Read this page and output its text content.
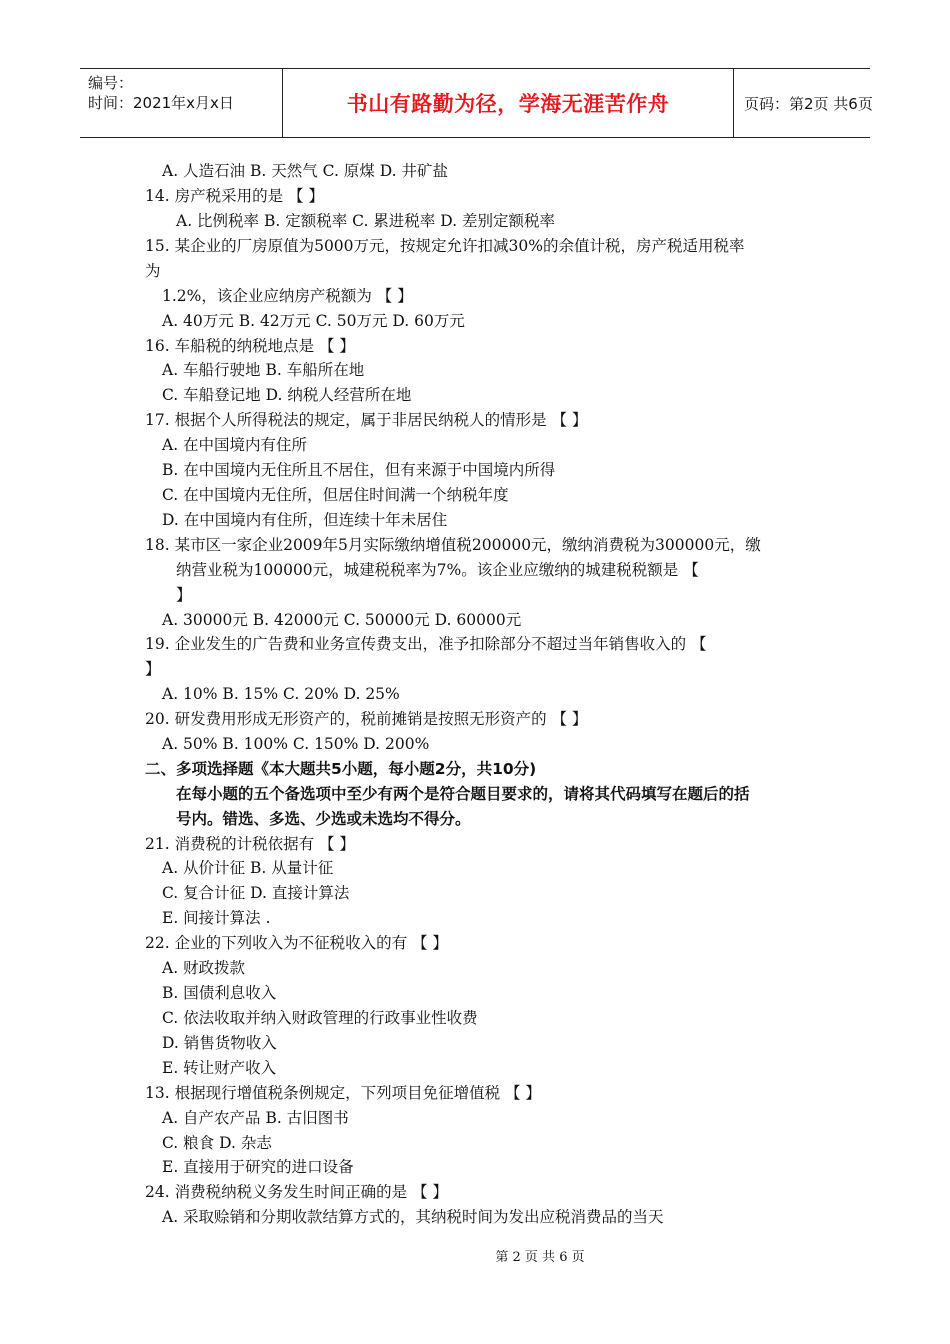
编号：
时间：2021年x月x日	书山有路勤为径，学海无涯苦作舟	页码：第2页 共6页
A. 人造石油 B. 天然气 C. 原煤 D. 井矿盐
14. 房产税采用的是 【 】
A. 比例税率 B. 定额税率 C. 累进税率 D. 差别定额税率
15. 某企业的厂房原值为5000万元，按规定允许扣减30%的余值计税，房产税适用税率
为
1.2%，该企业应纳房产税额为 【 】
A. 40万元 B. 42万元 C. 50万元 D. 60万元
16. 车船税的纳税地点是 【 】
A. 车船行驶地 B. 车船所在地
C. 车船登记地 D. 纳税人经营所在地
17. 根据个人所得税法的规定，属于非居民纳税人的情形是 【 】
A. 在中国境内有住所
B. 在中国境内无住所且不居住，但有来源于中国境内所得
C. 在中国境内无住所，但居住时间满一个纳税年度
D. 在中国境内有住所，但连续十年未居住
18. 某市区一家企业2009年5月实际缴纳增值税200000元，缴纳消费税为300000元，缴
纳营业税为100000元，城建税税率为7%。该企业应缴纳的城建税税额是 【
】
A. 30000元 B. 42000元 C. 50000元 D. 60000元
19. 企业发生的广告费和业务宣传费支出，准予扣除部分不超过当年销售收入的 【
】
A. 10% B. 15% C. 20% D. 25%
20. 研发费用形成无形资产的，税前摊销是按照无形资产的 【 】
A. 50% B. 100% C. 150% D. 200%
二、多项选择题《本大题共5小题，每小题2分，共10分)
在每小题的五个备选项中至少有两个是符合题目要求的，请将其代码填写在题后的括
号内。错选、多选、少选或未选均不得分。
21. 消费税的计税依据有 【 】
A. 从价计征 B. 从量计征
C. 复合计征 D. 直接计算法
E. 间接计算法 .
22. 企业的下列收入为不征税收入的有 【 】
A. 财政拨款
B. 国债利息收入
C. 依法收取并纳入财政管理的行政事业性收费
D. 销售货物收入
E. 转让财产收入
13. 根据现行增值税条例规定，下列项目免征增值税 【 】
A. 自产农产品 B. 古旧图书
C. 粮食 D. 杂志
E. 直接用于研究的进口设备
24. 消费税纳税义务发生时间正确的是 【 】
A. 采取赊销和分期收款结算方式的，其纳税时间为发出应税消费品的当天
第 2 页 共 6 页
